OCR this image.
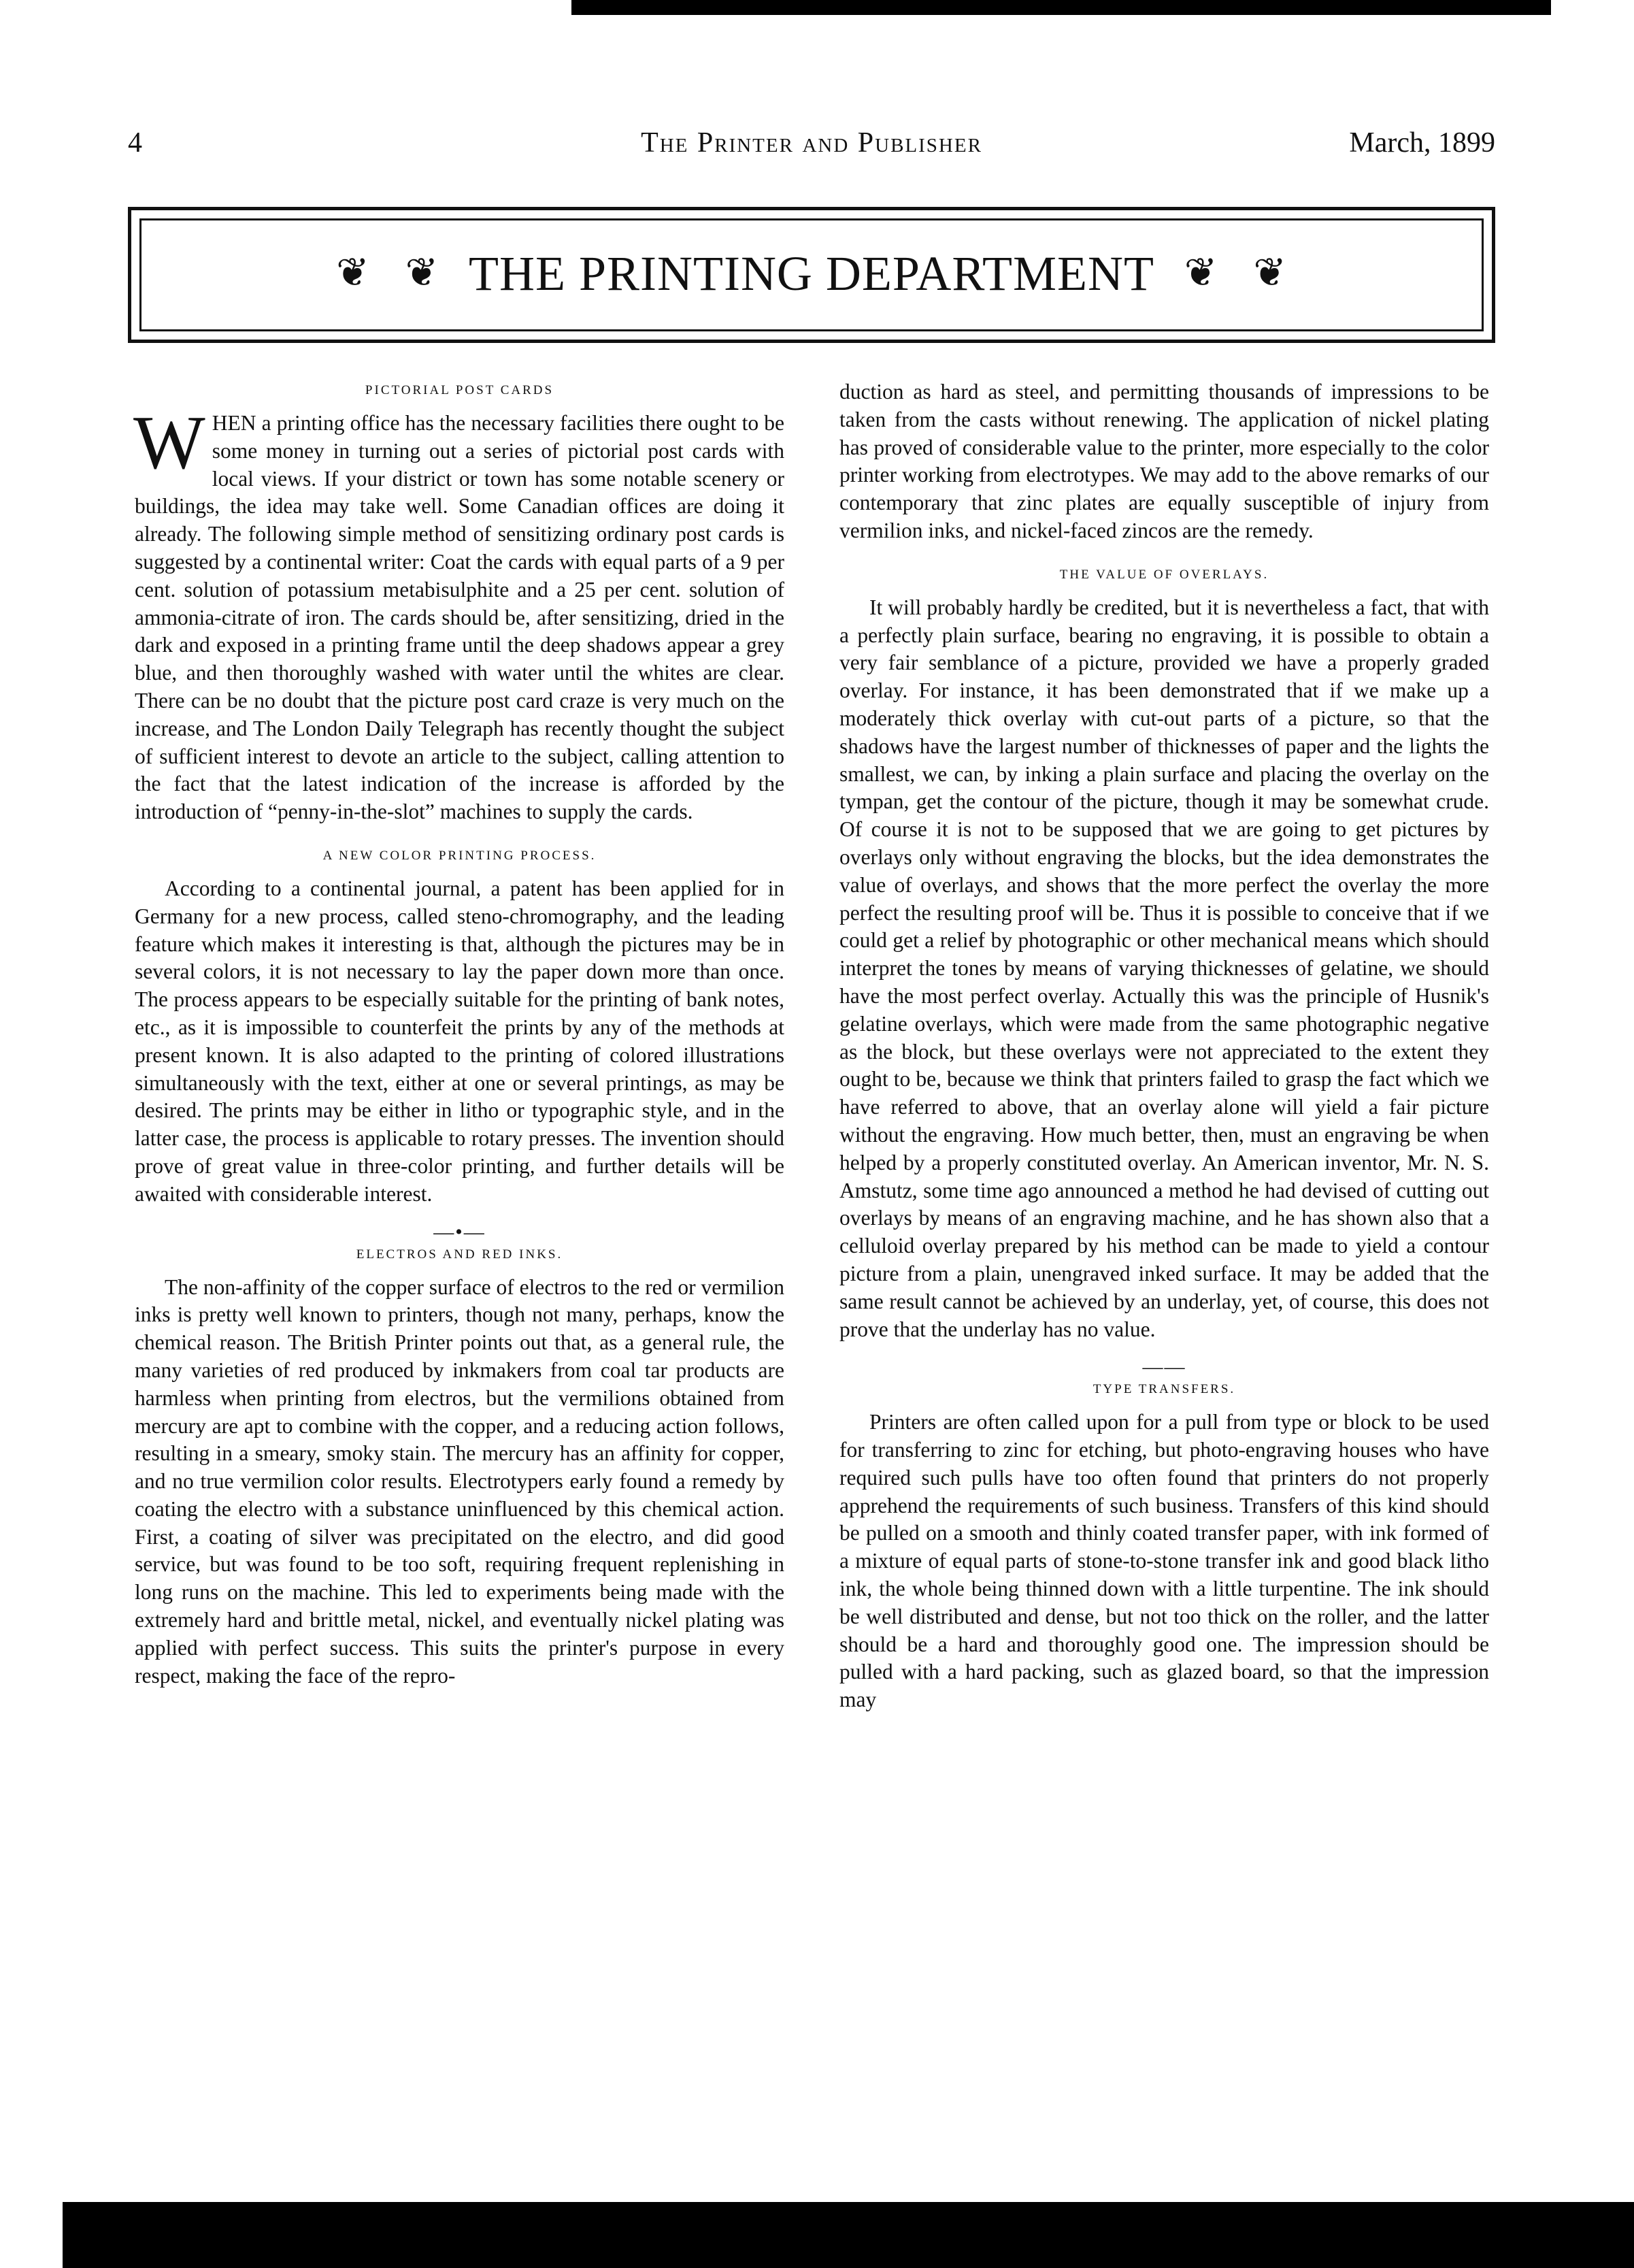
4	The Printer and Publisher	March, 1899
❦ ❦ THE PRINTING DEPARTMENT ❦ ❦
PICTORIAL POST CARDS

WHEN a printing office has the necessary facilities there ought to be some money in turning out a series of pictorial post cards with local views. If your district or town has some notable scenery or buildings, the idea may take well. Some Canadian offices are doing it already. The following simple method of sensitizing ordinary post cards is suggested by a continental writer: Coat the cards with equal parts of a 9 per cent. solution of potassium metabisulphite and a 25 per cent. solution of ammonia-citrate of iron. The cards should be, after sensitizing, dried in the dark and exposed in a printing frame until the deep shadows appear a grey blue, and then thoroughly washed with water until the whites are clear. There can be no doubt that the picture post card craze is very much on the increase, and The London Daily Telegraph has recently thought the subject of sufficient interest to devote an article to the subject, calling attention to the fact that the latest indication of the increase is afforded by the introduction of “penny-in-the-slot” machines to supply the cards.

A NEW COLOR PRINTING PROCESS.

According to a continental journal, a patent has been applied for in Germany for a new process, called steno-chromography, and the leading feature which makes it interesting is that, although the pictures may be in several colors, it is not necessary to lay the paper down more than once. The process appears to be especially suitable for the printing of bank notes, etc., as it is impossible to counterfeit the prints by any of the methods at present known. It is also adapted to the printing of colored illustrations simultaneously with the text, either at one or several printings, as may be desired. The prints may be either in litho or typographic style, and in the latter case, the process is applicable to rotary presses. The invention should prove of great value in three-color printing, and further details will be awaited with considerable interest.

—•—
ELECTROS AND RED INKS.

The non-affinity of the copper surface of electros to the red or vermilion inks is pretty well known to printers, though not many, perhaps, know the chemical reason. The British Printer points out that, as a general rule, the many varieties of red produced by inkmakers from coal tar products are harmless when printing from electros, but the vermilions obtained from mercury are apt to combine with the copper, and a reducing action follows, resulting in a smeary, smoky stain. The mercury has an affinity for copper, and no true vermilion color results. Electrotypers early found a remedy by coating the electro with a substance uninfluenced by this chemical action. First, a coating of silver was precipitated on the electro, and did good service, but was found to be too soft, requiring frequent replenishing in long runs on the machine. This led to experiments being made with the extremely hard and brittle metal, nickel, and eventually nickel plating was applied with perfect success. This suits the printer's purpose in every respect, making the face of the repro-

duction as hard as steel, and permitting thousands of impressions to be taken from the casts without renewing. The application of nickel plating has proved of considerable value to the printer, more especially to the color printer working from electrotypes. We may add to the above remarks of our contemporary that zinc plates are equally susceptible of injury from vermilion inks, and nickel-faced zincos are the remedy.

THE VALUE OF OVERLAYS.

It will probably hardly be credited, but it is nevertheless a fact, that with a perfectly plain surface, bearing no engraving, it is possible to obtain a very fair semblance of a picture, provided we have a properly graded overlay. For instance, it has been demonstrated that if we make up a moderately thick overlay with cut-out parts of a picture, so that the shadows have the largest number of thicknesses of paper and the lights the smallest, we can, by inking a plain surface and placing the overlay on the tympan, get the contour of the picture, though it may be somewhat crude. Of course it is not to be supposed that we are going to get pictures by overlays only without engraving the blocks, but the idea demonstrates the value of overlays, and shows that the more perfect the overlay the more perfect the resulting proof will be. Thus it is possible to conceive that if we could get a relief by photographic or other mechanical means which should interpret the tones by means of varying thicknesses of gelatine, we should have the most perfect overlay. Actually this was the principle of Husnik's gelatine overlays, which were made from the same photographic negative as the block, but these overlays were not appreciated to the extent they ought to be, because we think that printers failed to grasp the fact which we have referred to above, that an overlay alone will yield a fair picture without the engraving. How much better, then, must an engraving be when helped by a properly constituted overlay. An American inventor, Mr. N. S. Amstutz, some time ago announced a method he had devised of cutting out overlays by means of an engraving machine, and he has shown also that a celluloid overlay prepared by his method can be made to yield a contour picture from a plain, unengraved inked surface. It may be added that the same result cannot be achieved by an underlay, yet, of course, this does not prove that the underlay has no value.

——
TYPE TRANSFERS.

Printers are often called upon for a pull from type or block to be used for transferring to zinc for etching, but photo-engraving houses who have required such pulls have too often found that printers do not properly apprehend the requirements of such business. Transfers of this kind should be pulled on a smooth and thinly coated transfer paper, with ink formed of a mixture of equal parts of stone-to-stone transfer ink and good black litho ink, the whole being thinned down with a little turpentine. The ink should be well distributed and dense, but not too thick on the roller, and the latter should be a hard and thoroughly good one. The impression should be pulled with a hard packing, such as glazed board, so that the impression may
